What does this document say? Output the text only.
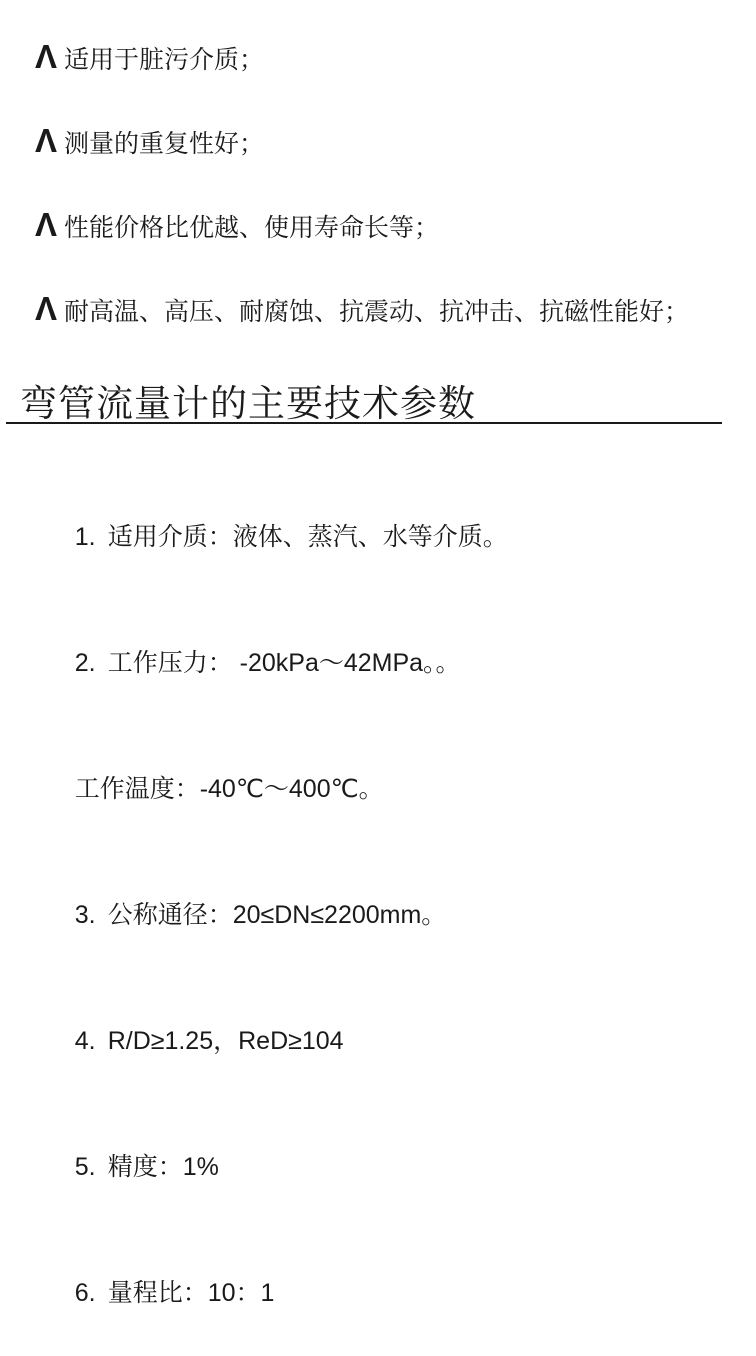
Λ 适用于脏污介质；
Λ 测量的重复性好；
Λ 性能价格比优越、使用寿命长等；
Λ 耐高温、高压、耐腐蚀、抗震动、抗冲击、抗磁性能好；
弯管流量计的主要技术参数

1. 适用介质：液体、蒸汽、水等介质。

2. 工作压力： -20kPa～42MPa。。

工作温度：-40℃～400℃。

3. 公称通径：20≤DN≤2200mm。

4. R/D≥1.25，ReD≥104

5. 精度：1%

6. 量程比：10：1
